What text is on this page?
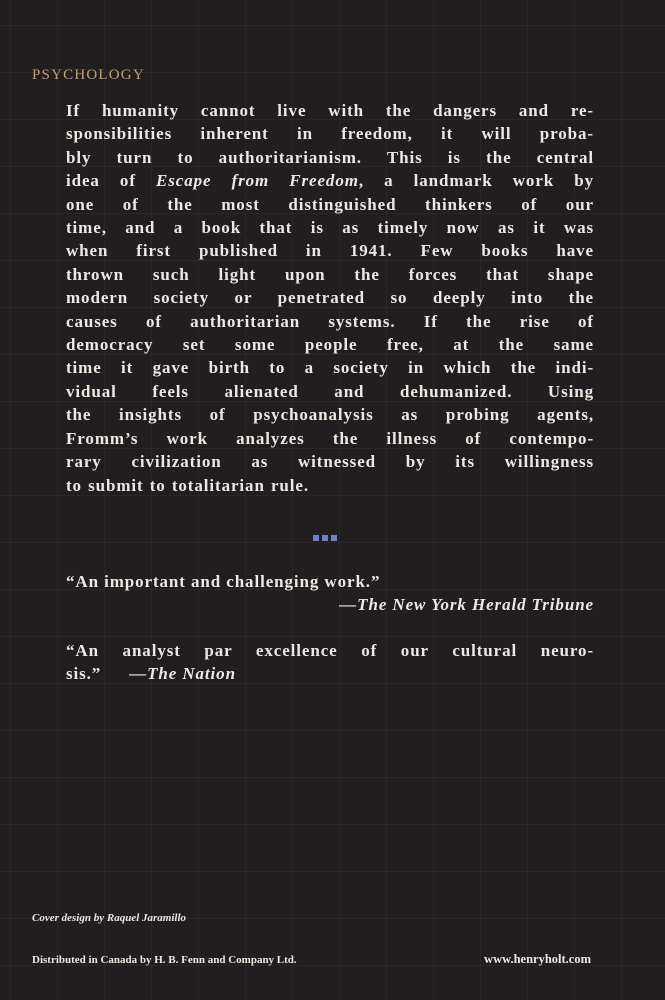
PSYCHOLOGY
If humanity cannot live with the dangers and re-
sponsibilities inherent in freedom, it will proba-
bly turn to authoritarianism. This is the central
idea of Escape from Freedom, a landmark work by
one of the most distinguished thinkers of our
time, and a book that is as timely now as it was
when first published in 1941. Few books have
thrown such light upon the forces that shape
modern society or penetrated so deeply into the
causes of authoritarian systems. If the rise of
democracy set some people free, at the same
time it gave birth to a society in which the indi-
vidual feels alienated and dehumanized. Using
the insights of psychoanalysis as probing agents,
Fromm’s work analyzes the illness of contempo-
rary civilization as witnessed by its willingness
to submit to totalitarian rule.
“An important and challenging work.”
—The New York Herald Tribune
“An analyst par excellence of our cultural neuro-
sis.” —The Nation
Cover design by Raquel Jaramillo
Distributed in Canada by H. B. Fenn and Company Ltd.	www.henryholt.com
